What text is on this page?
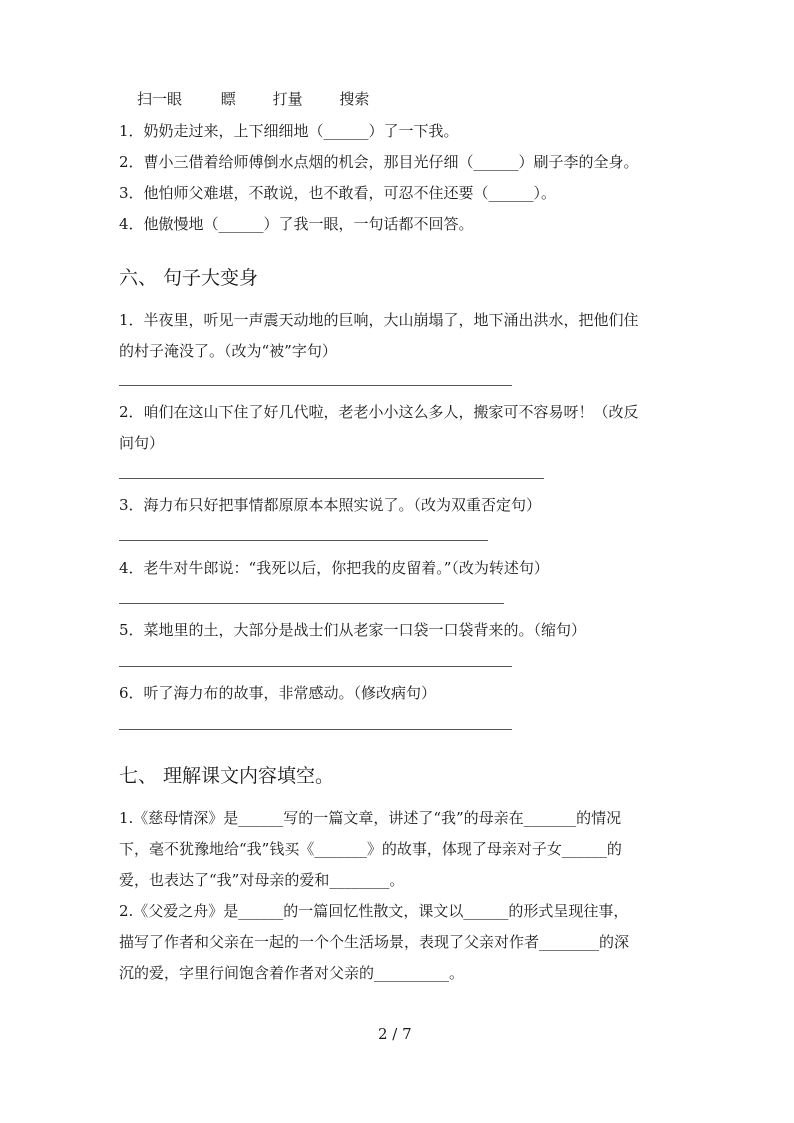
扫一眼	瞟 打量 搜索
1．奶奶走过来，上下细细地（______）了一下我。
2．曹小三借着给师傅倒水点烟的机会，那目光仔细（______）刷子李的全身。
3．他怕师父难堪，不敢说，也不敢看，可忍不住还要（______）。
4．他傲慢地（______）了我一眼，一句话都不回答。
六、 句子大变身
1．半夜里，听见一声震天动地的巨响，大山崩塌了，地下涌出洪水，把他们住
的村子淹没了。（改为“被”字句）
2．咱们在这山下住了好几代啦，老老小小这么多人，搬家可不容易呀！（改反
问句）
3．海力布只好把事情都原原本本照实说了。（改为双重否定句）
4．老牛对牛郎说：“我死以后，你把我的皮留着。”（改为转述句）
5．菜地里的土，大部分是战士们从老家一口袋一口袋背来的。（缩句）
6．听了海力布的故事，非常感动。（修改病句）
七、 理解课文内容填空。
1.《慈母情深》是______写的一篇文章，讲述了“我”的母亲在_______的情况
下，毫不犹豫地给“我”钱买《_______》的故事，体现了母亲对子女______的
爱，也表达了“我”对母亲的爱和________。
2.《父爱之舟》是______的一篇回忆性散文，课文以______的形式呈现往事，
描写了作者和父亲在一起的一个个生活场景，表现了父亲对作者________的深
沉的爱，字里行间饱含着作者对父亲的__________。
2 / 7
